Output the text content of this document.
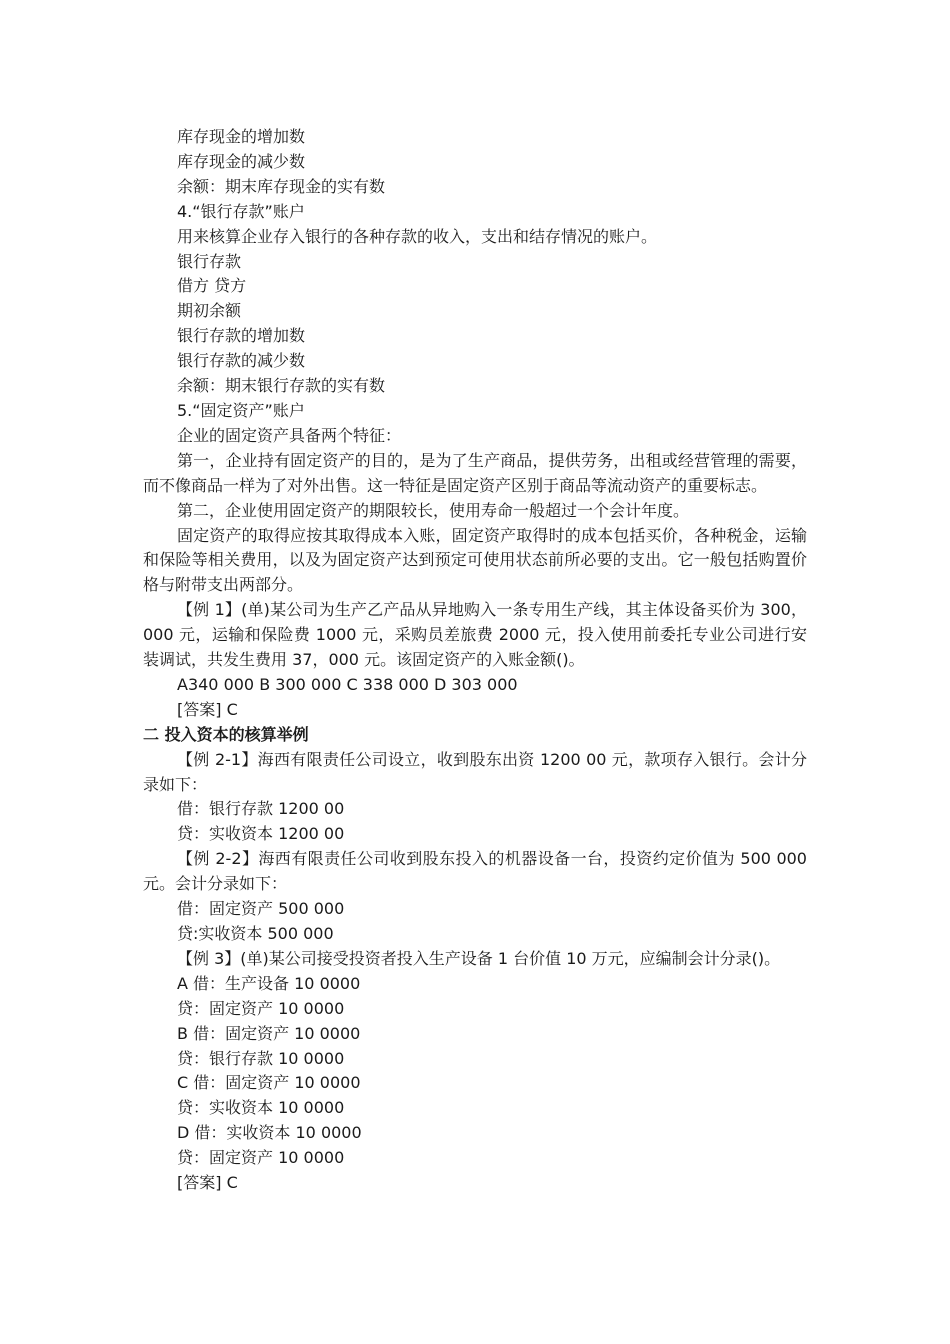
库存现金的增加数

库存现金的减少数

余额：期末库存现金的实有数

4.“银行存款”账户

用来核算企业存入银行的各种存款的收入，支出和结存情况的账户。

银行存款

借方 贷方

期初余额

银行存款的增加数

银行存款的减少数

余额：期末银行存款的实有数

5.“固定资产”账户

企业的固定资产具备两个特征：

第一，企业持有固定资产的目的，是为了生产商品，提供劳务，出租或经营管理的需要，而不像商品一样为了对外出售。这一特征是固定资产区别于商品等流动资产的重要标志。

第二，企业使用固定资产的期限较长，使用寿命一般超过一个会计年度。

固定资产的取得应按其取得成本入账，固定资产取得时的成本包括买价，各种税金，运输和保险等相关费用，以及为固定资产达到预定可使用状态前所必要的支出。它一般包括购置价格与附带支出两部分。

【例 1】(单)某公司为生产乙产品从异地购入一条专用生产线，其主体设备买价为 300，000 元，运输和保险费 1000 元，采购员差旅费 2000 元，投入使用前委托专业公司进行安装调试，共发生费用 37，000 元。该固定资产的入账金额()。

A340 000 B 300 000 C 338 000 D 303 000

[答案] C

二 投入资本的核算举例

【例 2-1】海西有限责任公司设立，收到股东出资 1200 00 元，款项存入银行。会计分录如下：

借：银行存款 1200 00

贷：实收资本 1200 00

【例 2-2】海西有限责任公司收到股东投入的机器设备一台，投资约定价值为 500 000 元。会计分录如下：

借：固定资产 500 000

贷:实收资本 500 000

【例 3】(单)某公司接受投资者投入生产设备 1 台价值 10 万元，应编制会计分录()。

A 借：生产设备 10 0000

贷：固定资产 10 0000

B 借：固定资产 10 0000

贷：银行存款 10 0000

C 借：固定资产 10 0000

贷：实收资本 10 0000

D 借：实收资本 10 0000

贷：固定资产 10 0000

[答案] C
